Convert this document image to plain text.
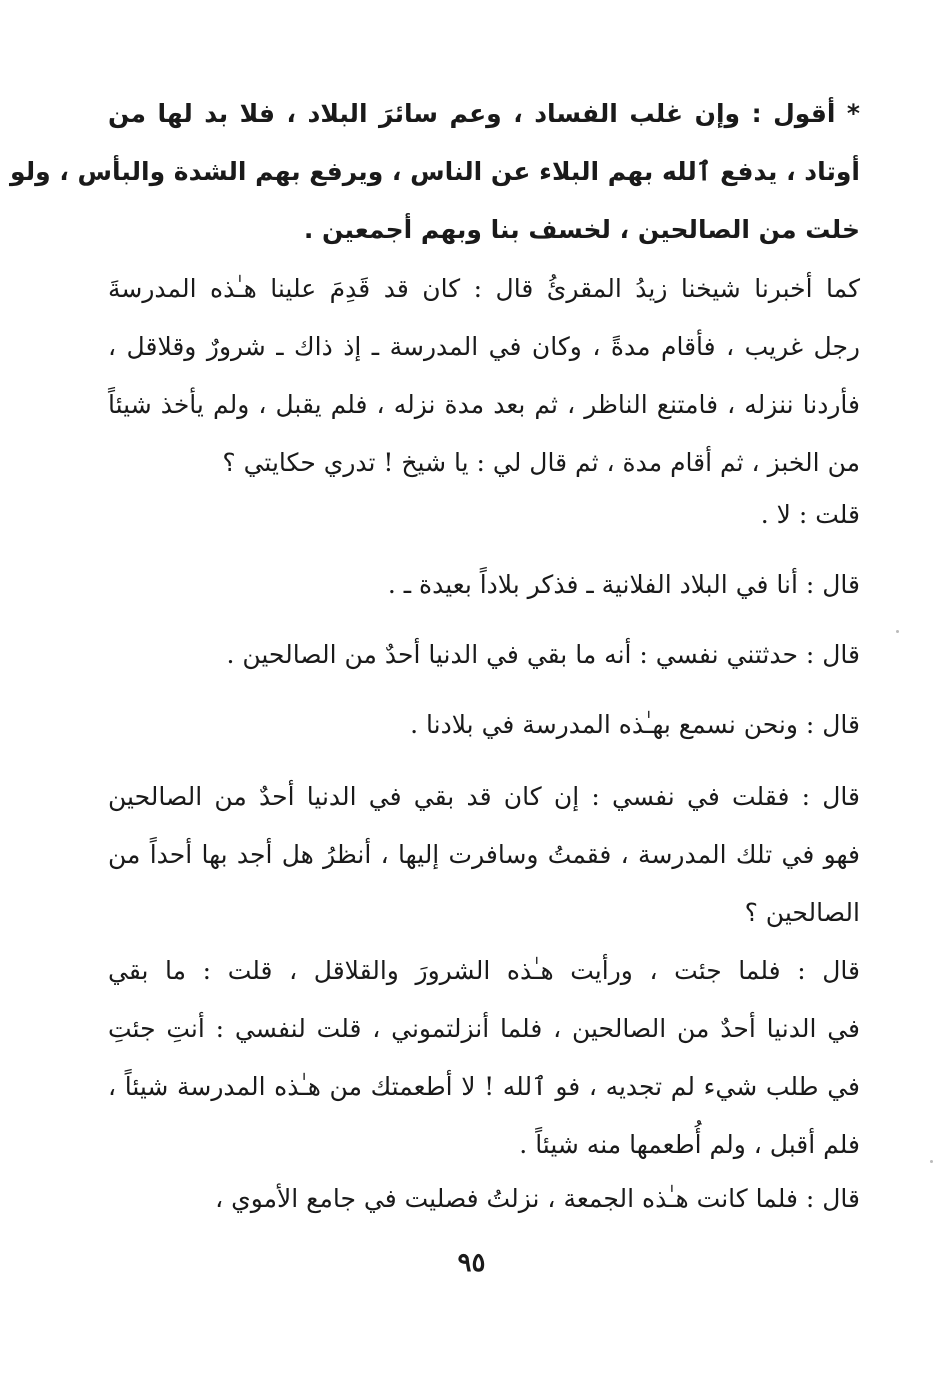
* أقول : وإن غلب الفساد ، وعم سائرَ البلاد ، فلا بد لها من
أوتاد ، يدفع ٱلله بهم البلاء عن الناس ، ويرفع بهم الشدة والبأس ، ولو
خلت من الصالحين ، لخسف بنا وبهم أجمعين .
كما أخبرنا شيخنا زيدُ المقرئُ قال : كان قد قَدِمَ علينا هـٰذه المدرسةَ
رجل غريب ، فأقام مدةً ، وكان في المدرسة ـ إذ ذاك ـ شرورٌ وقلاقل ،
فأردنا ننزله ، فامتنع الناظر ، ثم بعد مدة نزله ، فلم يقبل ، ولم يأخذ شيئاً
من الخبز ، ثم أقام مدة ، ثم قال لي : يا شيخ ! تدري حكايتي ؟
قلت : لا .
قال : أنا في البلاد الفلانية ـ فذكر بلاداً بعيدة ـ .
قال : حدثتني نفسي : أنه ما بقي في الدنيا أحدٌ من الصالحين .
قال : ونحن نسمع بهـٰذه المدرسة في بلادنا .
قال : فقلت في نفسي : إن كان قد بقي في الدنيا أحدٌ من الصالحين
فهو في تلك المدرسة ، فقمتُ وسافرت إليها ، أنظرُ هل أجد بها أحداً من
الصالحين ؟
قال : فلما جئت ، ورأيت هـٰذه الشرورَ والقلاقل ، قلت : ما بقي
في الدنيا أحدٌ من الصالحين ، فلما أنزلتموني ، قلت لنفسي : أنتِ جئتِ
في طلب شيء لم تجديه ، فو ٱلله ! لا أطعمتك من هـٰذه المدرسة شيئاً ،
فلم أقبل ، ولم أُطعمها منه شيئاً .
قال : فلما كانت هـٰذه الجمعة ، نزلتُ فصليت في جامع الأموي ،
٩٥
